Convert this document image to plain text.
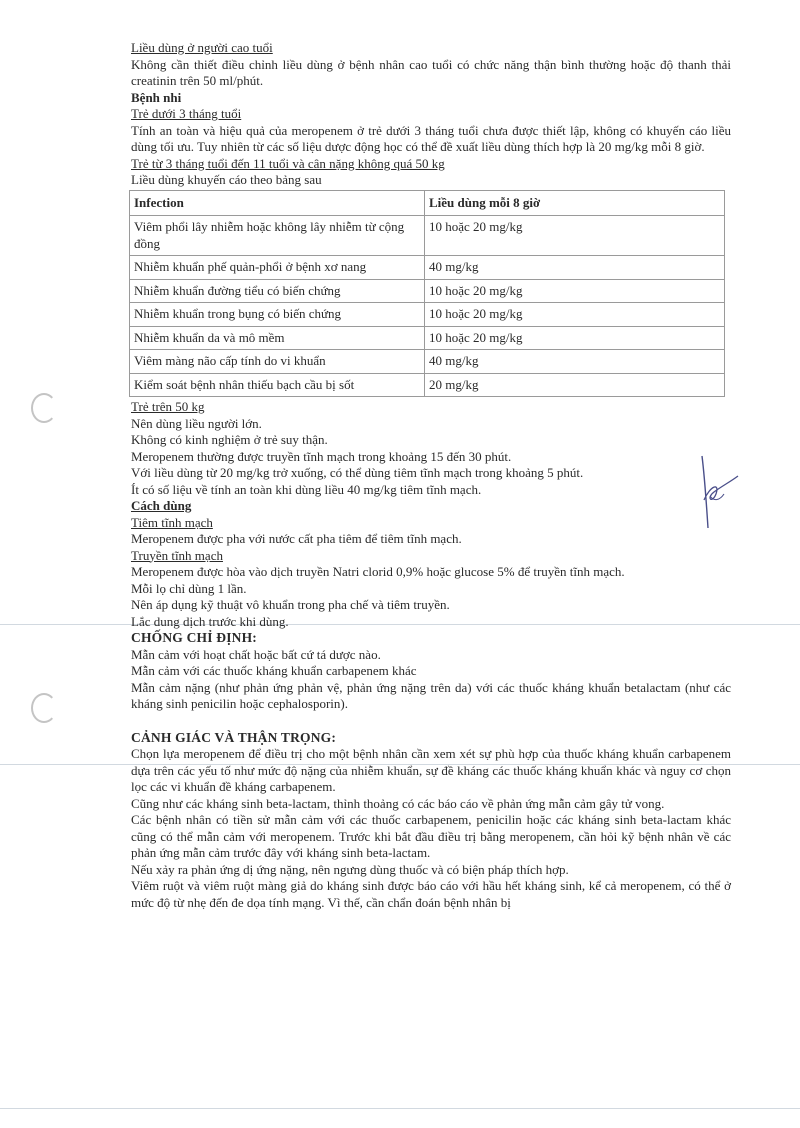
Liều dùng ở người cao tuổi

Không cần thiết điều chỉnh liều dùng ở bệnh nhân cao tuổi có chức năng thận bình thường hoặc độ thanh thải creatinin trên 50 ml/phút.

Bệnh nhi

Trẻ dưới 3 tháng tuổi

Tính an toàn và hiệu quả của meropenem ở trẻ dưới 3 tháng tuổi chưa được thiết lập, không có khuyến cáo liều dùng tối ưu. Tuy nhiên từ các số liệu dược động học có thể đề xuất liều dùng thích hợp là 20 mg/kg mỗi 8 giờ.

Trẻ từ 3 tháng tuổi đến 11 tuổi và cân nặng không quá 50 kg

Liều dùng khuyến cáo theo bảng sau

Infection	Liều dùng mỗi 8 giờ
Viêm phổi lây nhiễm hoặc không lây nhiễm từ cộng đồng	10 hoặc 20 mg/kg
Nhiễm khuẩn phế quản-phổi ở bệnh xơ nang	40 mg/kg
Nhiễm khuẩn đường tiểu có biến chứng	10 hoặc 20 mg/kg
Nhiễm khuẩn trong bụng có biến chứng	10 hoặc 20 mg/kg
Nhiễm khuẩn da và mô mềm	10 hoặc 20 mg/kg
Viêm màng não cấp tính do vi khuẩn	40 mg/kg
Kiểm soát bệnh nhân thiếu bạch cầu bị sốt	20 mg/kg

Trẻ trên 50 kg

Nên dùng liều người lớn.

Không có kinh nghiệm ở trẻ suy thận.

Meropenem thường được truyền tĩnh mạch trong khoảng 15 đến 30 phút.

Với liều dùng từ 20 mg/kg trở xuống, có thể dùng tiêm tĩnh mạch trong khoảng 5 phút.

Ít có số liệu về tính an toàn khi dùng liều 40 mg/kg tiêm tĩnh mạch.

Cách dùng

Tiêm tĩnh mạch

Meropenem được pha với nước cất pha tiêm để tiêm tĩnh mạch.

Truyền tĩnh mạch

Meropenem được hòa vào dịch truyền Natri clorid 0,9% hoặc glucose 5% để truyền tĩnh mạch.

Mỗi lọ chỉ dùng 1 lần.

Nên áp dụng kỹ thuật vô khuẩn trong pha chế và tiêm truyền.

Lắc dung dịch trước khi dùng.

CHỐNG CHỈ ĐỊNH:

Mẫn cảm với hoạt chất hoặc bất cứ tá dược nào.

Mẫn cảm với các thuốc kháng khuẩn carbapenem khác

Mẫn cảm nặng (như phản ứng phản vệ, phản ứng nặng trên da) với các thuốc kháng khuẩn betalactam (như các kháng sinh penicilin hoặc cephalosporin).

CẢNH GIÁC VÀ THẬN TRỌNG:

Chọn lựa meropenem để điều trị cho một bệnh nhân cần xem xét sự phù hợp của thuốc kháng khuẩn carbapenem dựa trên các yếu tố như mức độ nặng của nhiễm khuẩn, sự đề kháng các thuốc kháng khuẩn khác và nguy cơ chọn lọc các vi khuẩn đề kháng carbapenem.

Cũng như các kháng sinh beta-lactam, thỉnh thoảng có các báo cáo về phản ứng mẫn cảm gây tử vong.

Các bệnh nhân có tiền sử mẫn cảm với các thuốc carbapenem, penicilin hoặc các kháng sinh beta-lactam khác cũng có thể mẫn cảm với meropenem. Trước khi bắt đầu điều trị bằng meropenem, cần hỏi kỹ bệnh nhân về các phản ứng mẫn cảm trước đây với kháng sinh beta-lactam.

Nếu xảy ra phản ứng dị ứng nặng, nên ngưng dùng thuốc và có biện pháp thích hợp.

Viêm ruột và viêm ruột màng giả do kháng sinh được báo cáo với hầu hết kháng sinh, kể cả meropenem, có thể ở mức độ từ nhẹ đến đe dọa tính mạng. Vì thế, cần chẩn đoán bệnh nhân bị
